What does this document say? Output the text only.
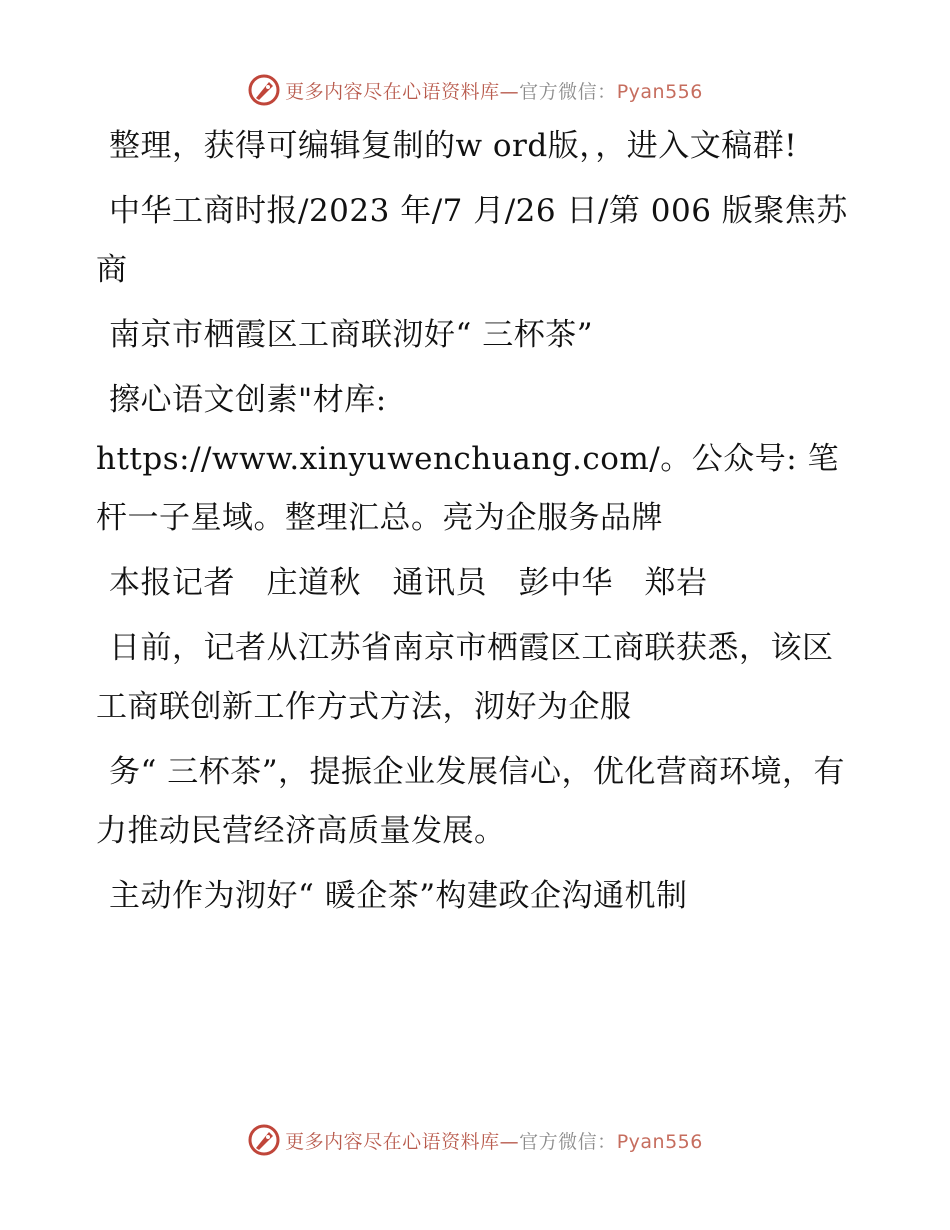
更多内容尽在心语资料库—官方微信：Pyan556

整理，获得可编辑复制的w ord版，，进入文稿群!

中华工商时报/2023 年/7 月/26 日/第 006 版聚焦苏商

南京市栖霞区工商联沏好“ 三杯茶”

擦心语文创素"材库: https://www.xinyuwenchuang.com/。公众号: 笔杆一子星域。整理汇总。亮为企服务品牌

本报记者　庄道秋　通讯员　彭中华　郑岩

日前，记者从江苏省南京市栖霞区工商联获悉，该区工商联创新工作方式方法，沏好为企服

务“ 三杯茶”，提振企业发展信心，优化营商环境，有力推动民营经济高质量发展。

主动作为沏好“ 暖企茶”构建政企沟通机制

更多内容尽在心语资料库—官方微信：Pyan556
